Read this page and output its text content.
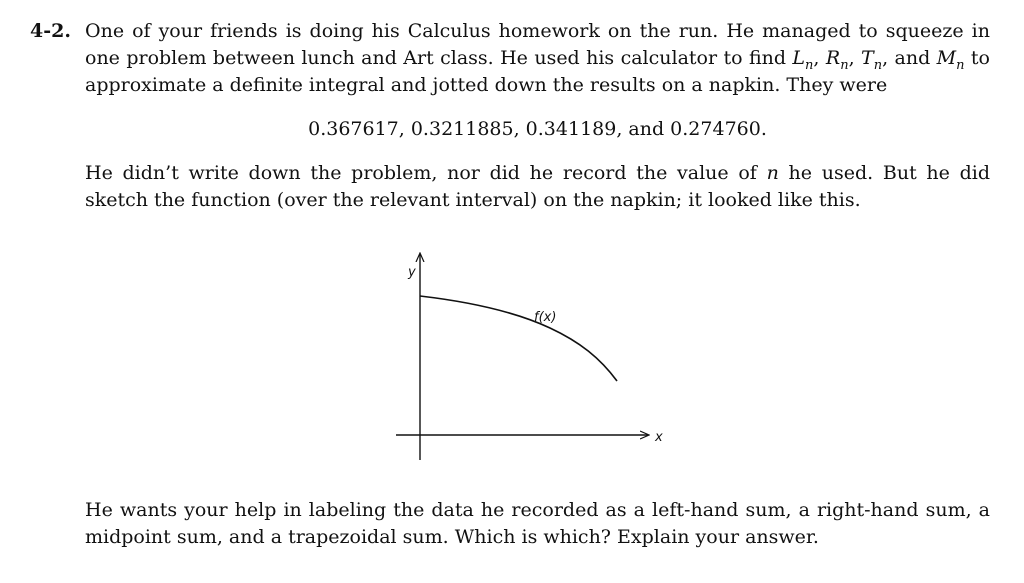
4-2. One of your friends is doing his Calculus homework on the run. He managed to squeeze in one problem between lunch and Art class. He used his calculator to find $L_n$, $R_n$, $T_n$, and $M_n$ to approximate a definite integral and jotted down the results on a napkin. They were

0.367617, 0.3211885, 0.341189, and 0.274760.

He didn’t write down the problem, nor did he record the value of n he used. But he did sketch the function (over the relevant interval) on the napkin; it looked like this.

y
x
f(x)

He wants your help in labeling the data he recorded as a left-hand sum, a right-hand sum, a midpoint sum, and a trapezoidal sum. Which is which? Explain your answer.
